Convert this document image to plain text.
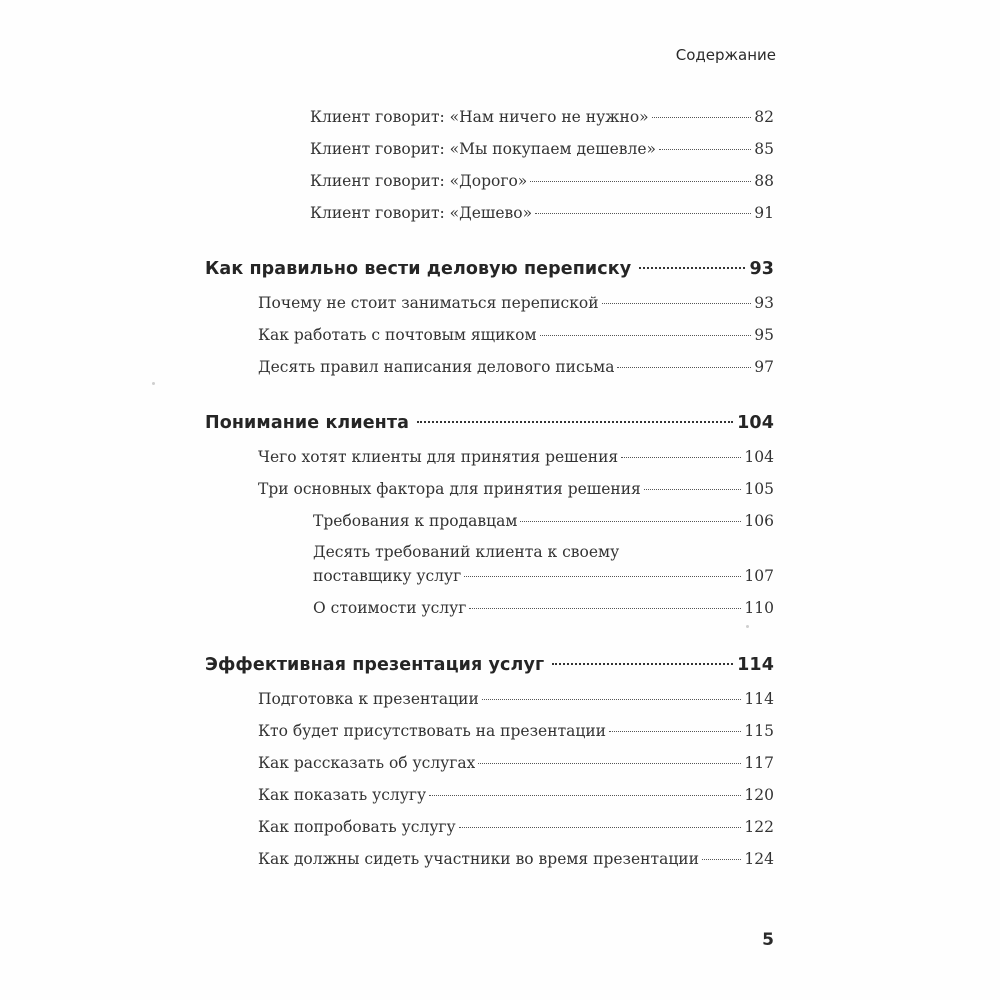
Содержание
Клиент говорит: «Нам ничего не нужно»	82
Клиент говорит: «Мы покупаем дешевле»	85
Клиент говорит: «Дорого»	88
Клиент говорит: «Дешево»	91
Как правильно вести деловую переписку	93
Почему не стоит заниматься перепиской	93
Как работать с почтовым ящиком	95
Десять правил написания делового письма	97
Понимание клиента	104
Чего хотят клиенты для принятия решения	104
Три основных фактора для принятия решения	105
Требования к продавцам	106
Десять требований клиента к своему
поставщику услуг	107
О стоимости услуг	110
Эффективная презентация услуг	114
Подготовка к презентации	114
Кто будет присутствовать на презентации	115
Как рассказать об услугах	117
Как показать услугу	120
Как попробовать услугу	122
Как должны сидеть участники во время презентации	124
5
